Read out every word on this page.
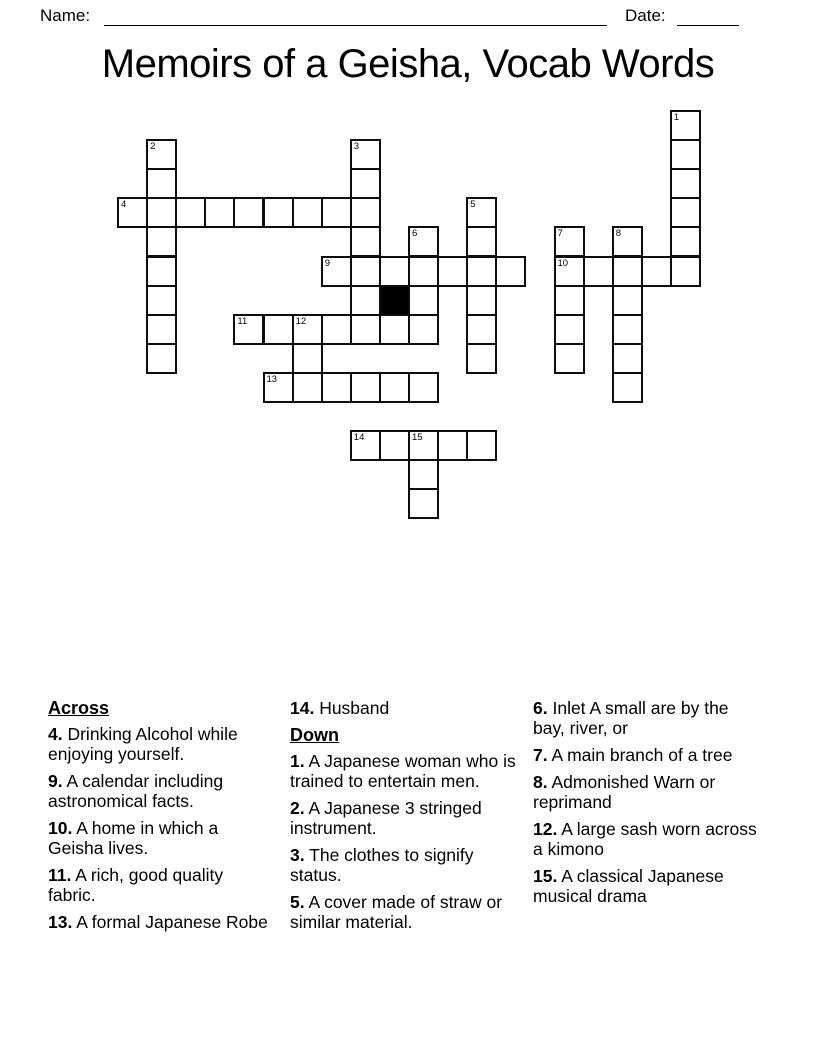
Name:	Date:
Memoirs of a Geisha, Vocab Words
1
2	3
4	5
6	7	8
9	10
11	12
13
14	15
Across
4. Drinking Alcohol while enjoying yourself.
9. A calendar including astronomical facts.
10. A home in which a Geisha lives.
11. A rich, good quality fabric.
13. A formal Japanese Robe
14. Husband
Down
1. A Japanese woman who is trained to entertain men.
2. A Japanese 3 stringed instrument.
3. The clothes to signify status.
5. A cover made of straw or similar material.
6. Inlet A small are by the bay, river, or
7. A main branch of a tree
8. Admonished Warn or reprimand
12. A large sash worn across a kimono
15. A classical Japanese musical drama
